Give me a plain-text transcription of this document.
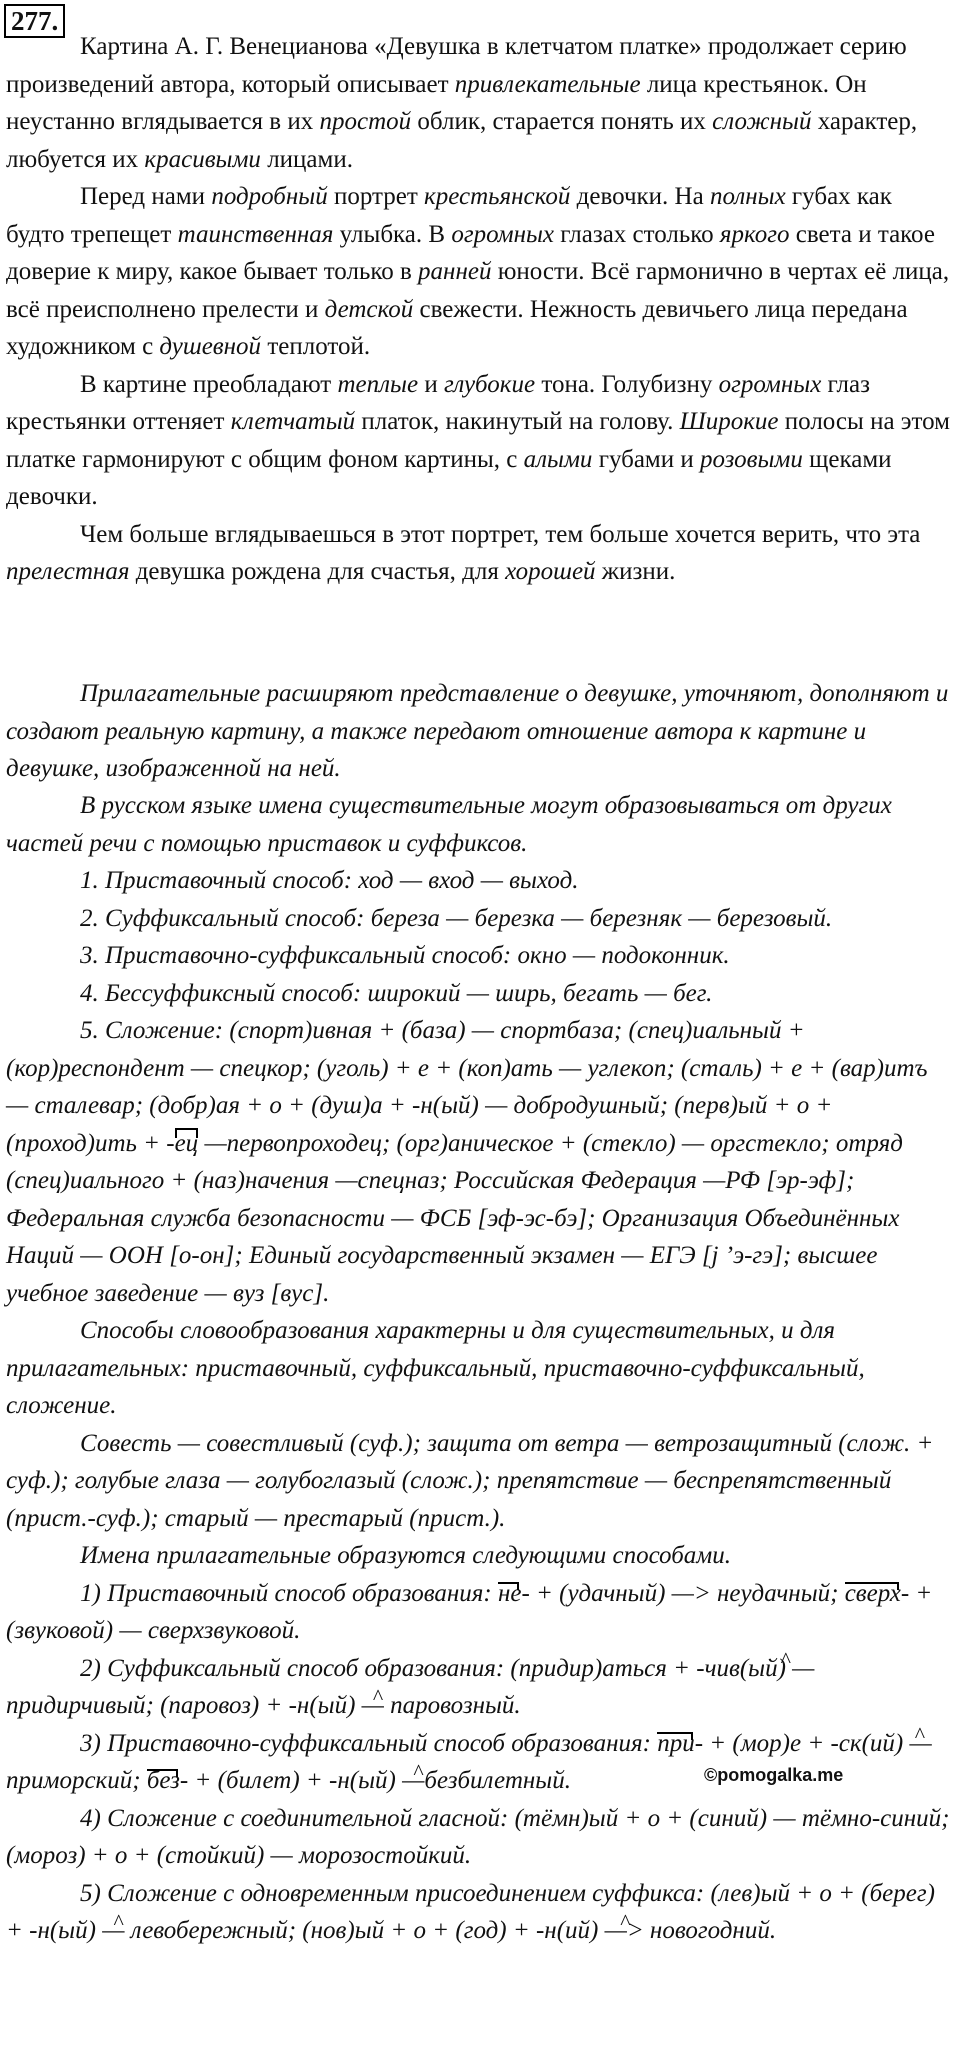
277.

Картина А. Г. Венецианова «Девушка в клетчатом платке» продолжает серию произведений автора, который описывает привлекательные лица крестьянок. Он неустанно вглядывается в их простой облик, старается понять их сложный характер, любуется их красивыми лицами.

Перед нами подробный портрет крестьянской девочки. На полных губах как будто трепещет таинственная улыбка. В огромных глазах столько яркого света и такое доверие к миру, какое бывает только в ранней юности. Всё гармонично в чертах её лица, всё преисполнено прелести и детской свежести. Нежность девичьего лица передана художником с душевной теплотой.

В картине преобладают теплые и глубокие тона. Голубизну огромных глаз крестьянки оттеняет клетчатый платок, накинутый на голову. Широкие полосы на этом платке гармонируют с общим фоном картины, с алыми губами и розовыми щеками девочки.

Чем больше вглядываешься в этот портрет, тем больше хочется верить, что эта прелестная девушка рождена для счастья, для хорошей жизни.

Прилагательные расширяют представление о девушке, уточняют, дополняют и создают реальную картину, а также передают отношение автора к картине и девушке, изображенной на ней.

В русском языке имена существительные могут образовываться от других частей речи с помощью приставок и суффиксов.

1. Приставочный способ: ход — вход — выход.

2. Суффиксальный способ: береза — березка — березняк — березовый.

3. Приставочно-суффиксальный способ: окно — подоконник.

4. Бессуффиксный способ: широкий — ширь, бегать — бег.

5. Сложение: (спорт)ивная + (база) — спортбаза; (спец)иальный + (кор)респондент — спецкор; (уголь) + е + (коп)ать — углекоп; (сталь) + е + (вар)итъ — сталевар; (добр)ая + о + (душ)а + -н(ый) — добродушный; (перв)ый + о + (проход)ить + -ец —первопроходец; (орг)аническое + (стекло) — оргстекло; отряд (спец)иального + (наз)начения —спецназ; Российская Федерация —РФ [эр-эф]; Федеральная служба безопасности — ФСБ [эф-эс-бэ]; Организация Объединённых Наций — ООН [о-он]; Единый государственный экзамен — ЕГЭ [j ’э-гэ]; высшее учебное заведение — вуз [вус].

Способы словообразования характерны и для существительных, и для прилагательных: приставочный, суффиксальный, приставочно-суффиксальный, сложение.

Совесть — совестливый (суф.); защита от ветра — ветрозащитный (слож. + суф.); голубые глаза — голубоглазый (слож.); препятствие — беспрепятственный (прист.-суф.); старый — престарый (прист.).

Имена прилагательные образуются следующими способами.

1) Приставочный способ образования: не- + (удачный) —> неудачный; сверх- + (звуковой) — сверхзвуковой.

2) Суффиксальный способ образования: (придир)аться + -^ чив(ый) — придирчивый; (паровоз) + -^ н(ый) — паровозный.

3) Приставочно-суффиксальный способ образования: при- + (мор)е + -^ ск(ий) — приморский; без- + (билет) + -^ н(ый) —безбилетный.

4) Сложение с соединительной гласной: (тёмн)ый + о + (синий) — тёмно-синий; (мороз) + о + (стойкий) — морозостойкий.

5) Сложение с одновременным присоединением суффикса: (лев)ый + о + (берег) + -^ н(ый) — левобережный; (нов)ый + о + (год) + -^ н(ий) —> новогодний.

©pomogalka.me
